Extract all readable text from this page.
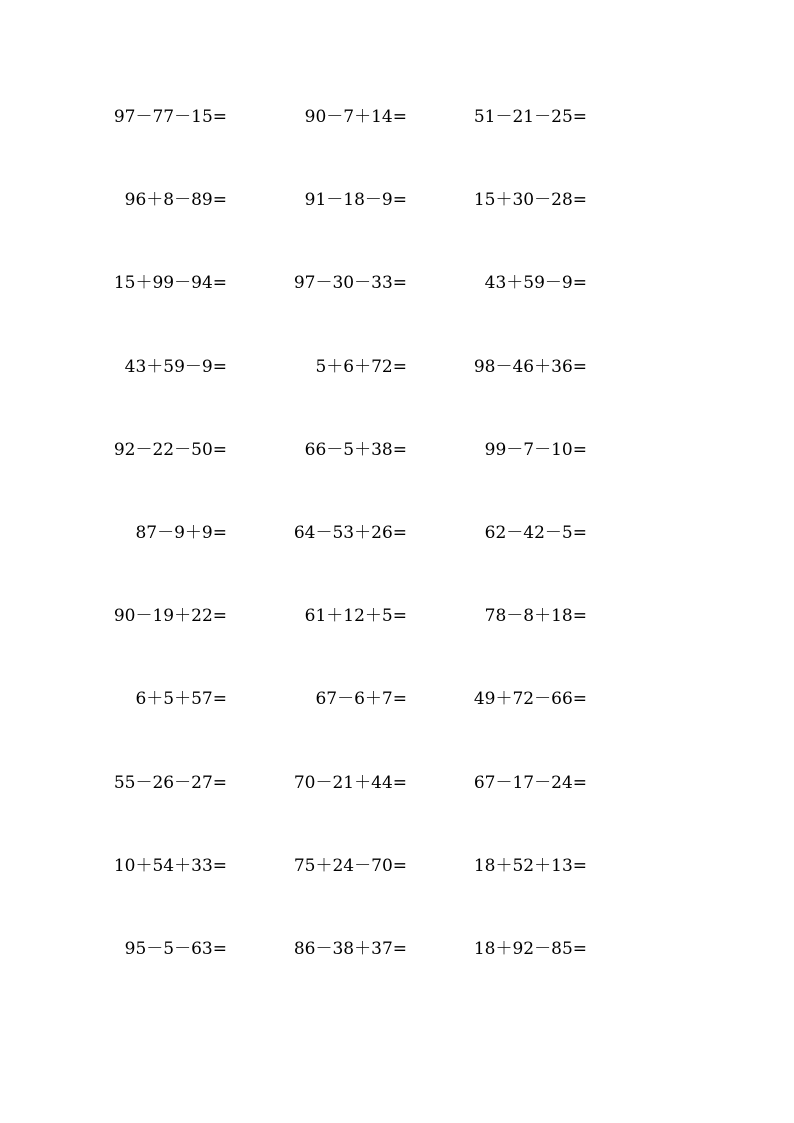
97－77－15=	90－7＋14=	51－21－25=
96＋8－89=	91－18－9=	15＋30－28=
15＋99－94=	97－30－33=	43＋59－9=
43＋59－9=	5＋6＋72=	98－46＋36=
92－22－50=	66－5＋38=	99－7－10=
87－9＋9=	64－53＋26=	62－42－5=
90－19＋22=	61＋12＋5=	78－8＋18=
6＋5＋57=	67－6＋7=	49＋72－66=
55－26－27=	70－21＋44=	67－17－24=
10＋54＋33=	75＋24－70=	18＋52＋13=
95－5－63=	86－38＋37=	18＋92－85=
